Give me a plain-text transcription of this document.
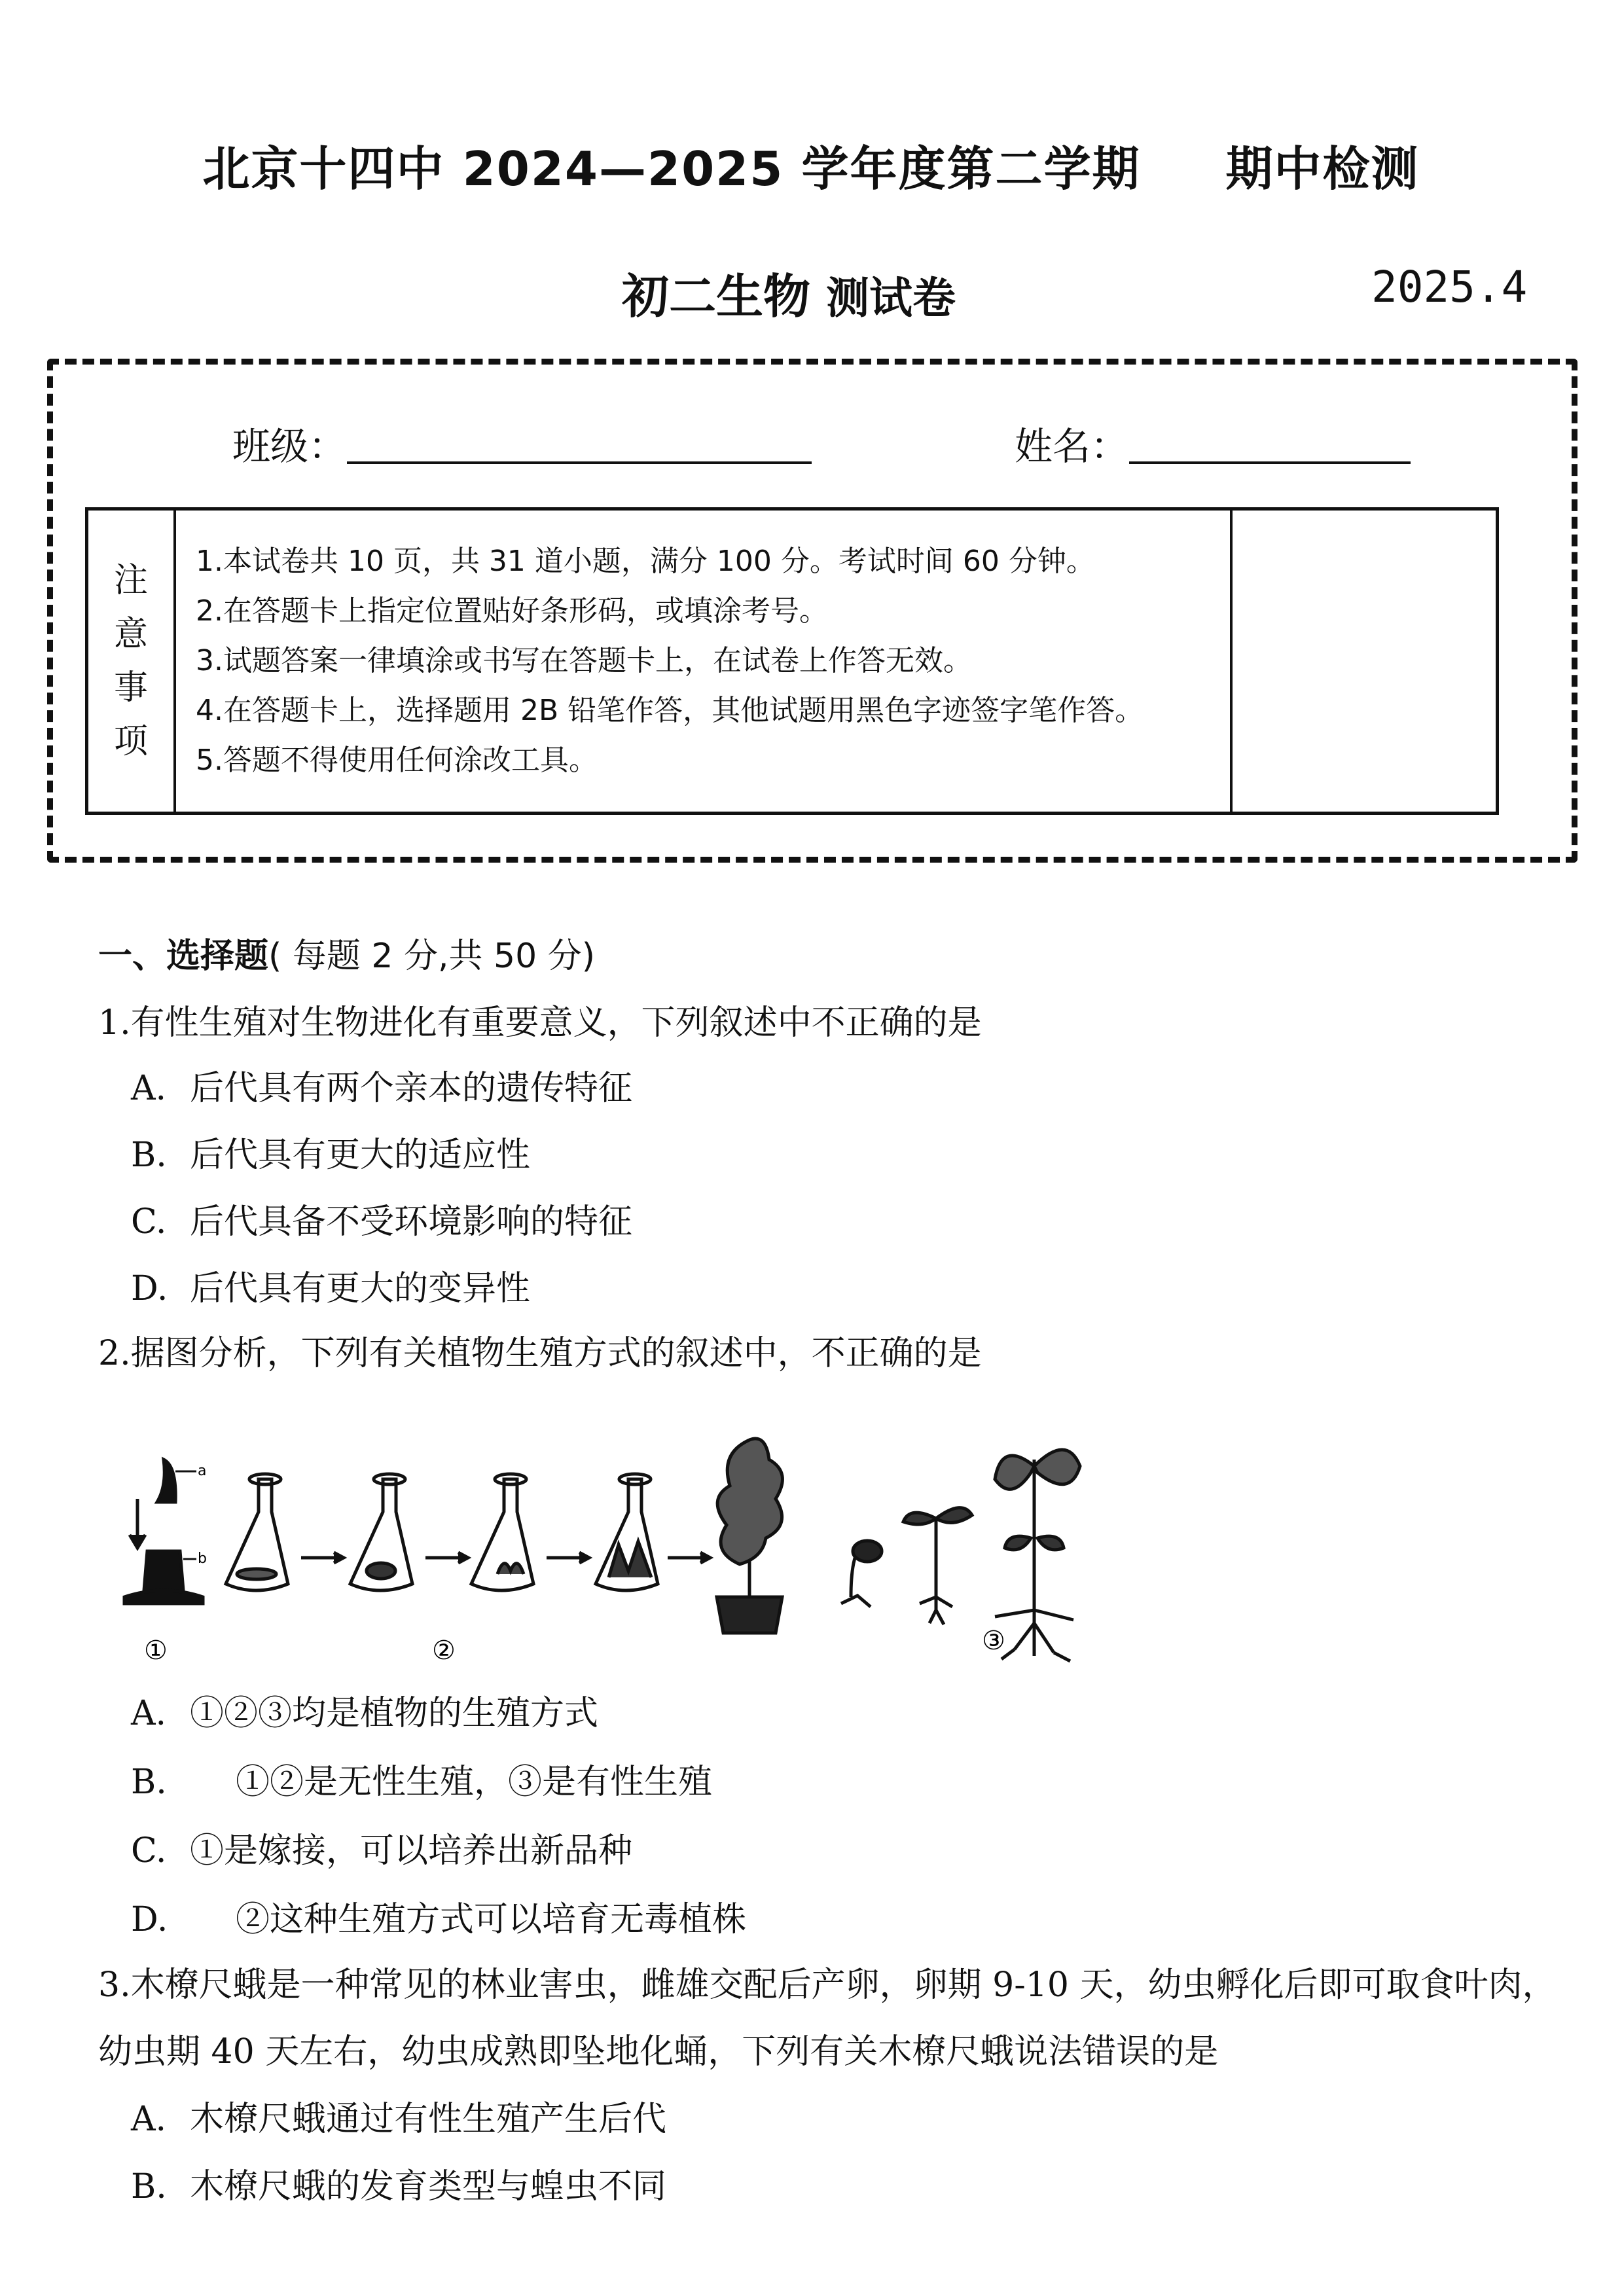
北京十四中 2024—2025 学年度第二学期 期中检测
初二生物 测试卷	2025.4
班级：	姓名：
注
意
事
项

1.本试卷共 10 页，共 31 道小题，满分 100 分。考试时间 60 分钟。
2.在答题卡上指定位置贴好条形码，或填涂考号。
3.试题答案一律填涂或书写在答题卡上，在试卷上作答无效。
4.在答题卡上，选择题用 2B 铅笔作答，其他试题用黑色字迹签字笔作答。
5.答题不得使用任何涂改工具。

一、选择题( 每题 2 分,共 50 分)
1.有性生殖对生物进化有重要意义，下列叙述中不正确的是
A. 后代具有两个亲本的遗传特征
B. 后代具有更大的适应性
C. 后代具备不受环境影响的特征
D. 后代具有更大的变异性
2.据图分析，下列有关植物生殖方式的叙述中，不正确的是
①	②	③
a
b
A. ①②③均是植物的生殖方式
B. ①②是无性生殖，③是有性生殖
C. ①是嫁接，可以培养出新品种
D. ②这种生殖方式可以培育无毒植株
3.木橑尺蛾是一种常见的林业害虫，雌雄交配后产卵，卵期 9-10 天，幼虫孵化后即可取食叶肉，
幼虫期 40 天左右，幼虫成熟即坠地化蛹，下列有关木橑尺蛾说法错误的是
A. 木橑尺蛾通过有性生殖产生后代
B. 木橑尺蛾的发育类型与蝗虫不同
